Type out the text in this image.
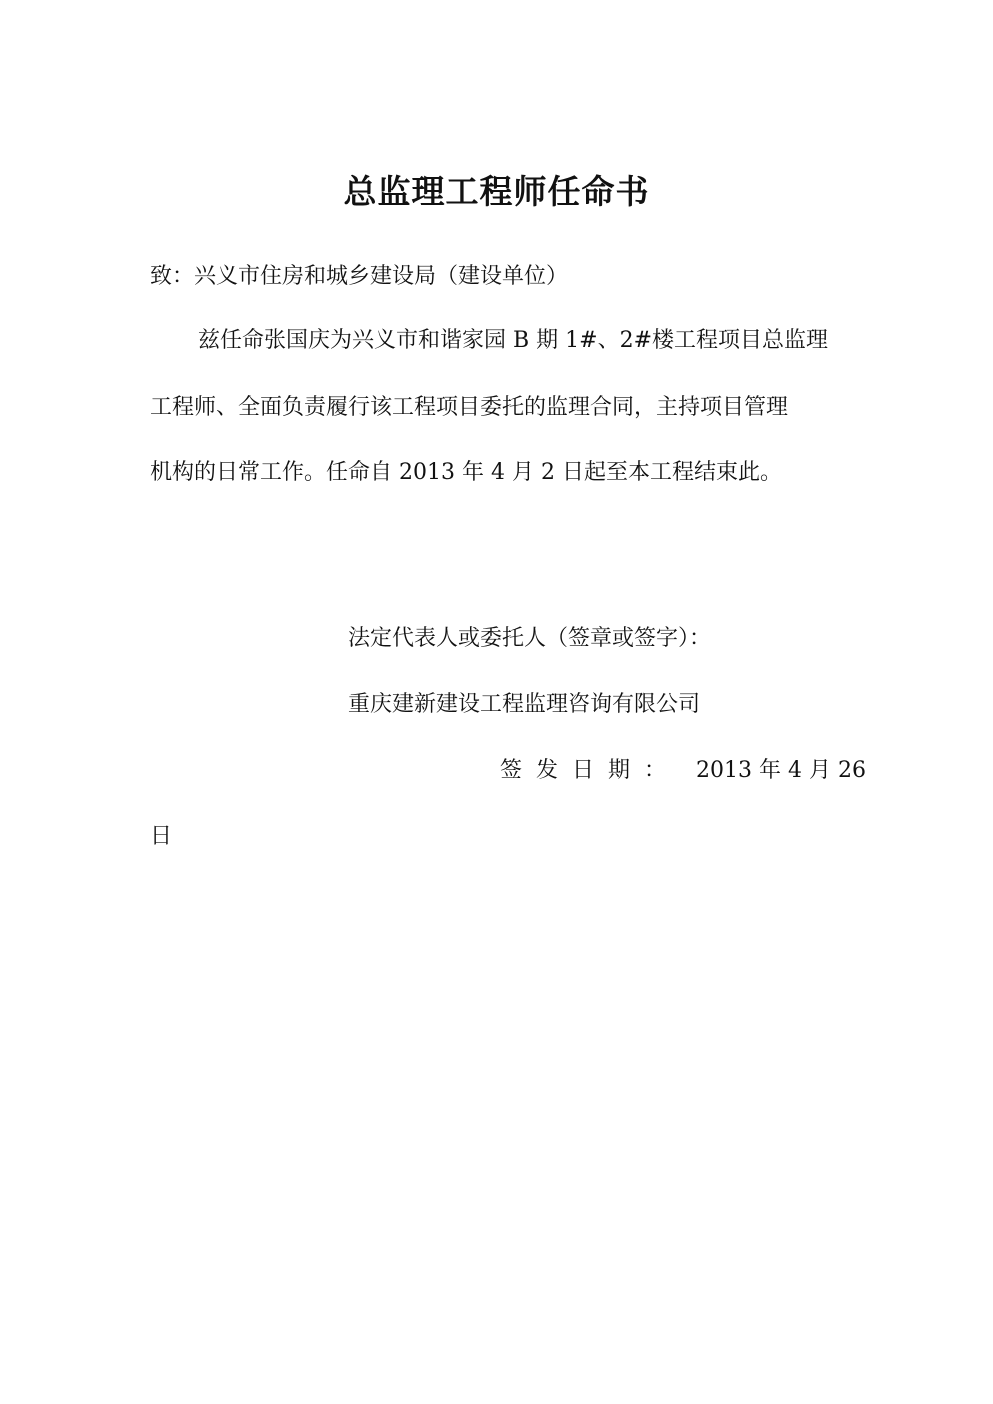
总监理工程师任命书
致：兴义市住房和城乡建设局（建设单位）
兹任命张国庆为兴义市和谐家园 B 期 1#、2#楼工程项目总监理
工程师、全面负责履行该工程项目委托的监理合同，主持项目管理
机构的日常工作。任命自 2013 年 4 月 2 日起至本工程结束此。
法定代表人或委托人（签章或签字）：
重庆建新建设工程监理咨询有限公司
签发日期： 2013 年 4 月 26
日
